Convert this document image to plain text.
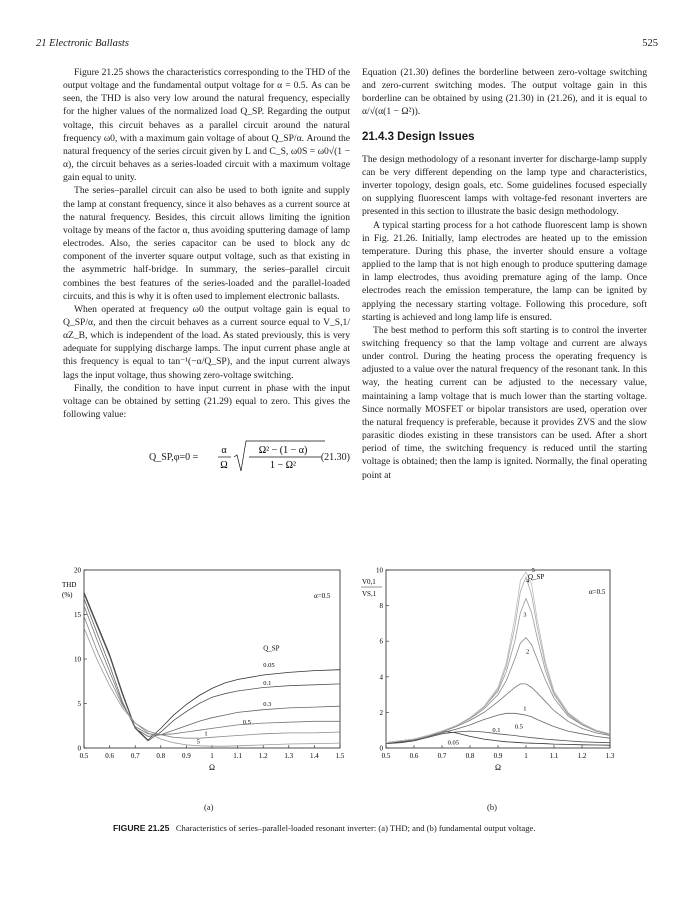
21 Electronic Ballasts	525

Figure 21.25 shows the characteristics corresponding to the THD of the output voltage and the fundamental output voltage for α = 0.5. As can be seen, the THD is also very low around the natural frequency, especially for the higher values of the normalized load Q_SP. Regarding the output voltage, this circuit behaves as a parallel circuit around the natural frequency ω0, with a maximum gain voltage of about Q_SP/α. Around the natural frequency of the series circuit given by L and C_S, ω0S = ω0√(1 − α), the circuit behaves as a series-loaded circuit with a maximum voltage gain equal to unity.

The series–parallel circuit can also be used to both ignite and supply the lamp at constant frequency, since it also behaves as a current source at the natural frequency. Besides, this circuit allows limiting the ignition voltage by means of the factor α, thus avoiding sputtering damage of lamp electrodes. Also, the series capacitor can be used to block any dc component of the inverter square output voltage, such as that existing in the asymmetric half-bridge. In summary, the series–parallel circuit combines the best features of the series-loaded and the parallel-loaded circuits, and this is why it is often used to implement electronic ballasts.

When operated at frequency ω0 the output voltage gain is equal to Q_SP/α, and then the circuit behaves as a current source equal to V_S,1/αZ_B, which is independent of the load. As stated previously, this is very adequate for supplying discharge lamps. The input current phase angle at this frequency is equal to tan⁻¹(−α/Q_SP), and the input current always lags the input voltage, thus showing zero-voltage switching.

Finally, the condition to have input current in phase with the input voltage can be obtained by setting (21.29) equal to zero. This gives the following value:

Q_SP,φ=0 =
α
Ω
Ω² − (1 − α)
1 − Ω²
(21.30)

Equation (21.30) defines the borderline between zero-voltage switching and zero-current switching modes. The output voltage gain in this borderline can be obtained by using (21.30) in (21.26), and it is equal to α/√(α(1 − Ω²)).

21.4.3 Design Issues

The design methodology of a resonant inverter for discharge-lamp supply can be very different depending on the lamp type and characteristics, inverter topology, design goals, etc. Some guidelines focused especially on supplying fluorescent lamps with voltage-fed resonant inverters are presented in this section to illustrate the basic design methodology.

A typical starting process for a hot cathode fluorescent lamp is shown in Fig. 21.26. Initially, lamp electrodes are heated up to the emission temperature. During this phase, the inverter should ensure a voltage applied to the lamp that is not high enough to produce sputtering damage in lamp electrodes, thus avoiding premature aging of the lamp. Once electrodes reach the emission temperature, the lamp can be ignited by applying the necessary starting voltage. Following this procedure, soft starting is achieved and long lamp life is ensured.

The best method to perform this soft starting is to control the inverter switching frequency so that the lamp voltage and current are always under control. During the heating process the operating frequency is adjusted to a value over the natural frequency of the resonant tank. In this way, the heating current can be adjusted to the necessary value, maintaining a lamp voltage that is much lower than the starting voltage. Since normally MOSFET or bipolar transistors are used, operation over the natural frequency is preferable, because it provides ZVS and the slow parasitic diodes existing in these transistors can be used. After a short period of time, the switching frequency is reduced until the starting voltage is obtained; then the lamp is ignited. Normally, the final operating point at

0.5 0.6 0.7 0.8 0.9	1	1.1 1.2 1.3 1.4 1.5
0
5
10
15
20
Ω
THD
(%)	α=0.5
Q_SP
0.05
0.1
0.3
0.5
1
5
0.5	0.6	0.7	0.8	0.9	1	1.1	1.2	1.3
0
2
4
6
8
10
Ω
V0,1
VS,1	α=0.5
Q_SP
0.05
0.1
0.5
1
2
3
4
5
(a)	(b)
FIGURE 21.25 Characteristics of series–parallel-loaded resonant inverter: (a) THD; and (b) fundamental output voltage.
